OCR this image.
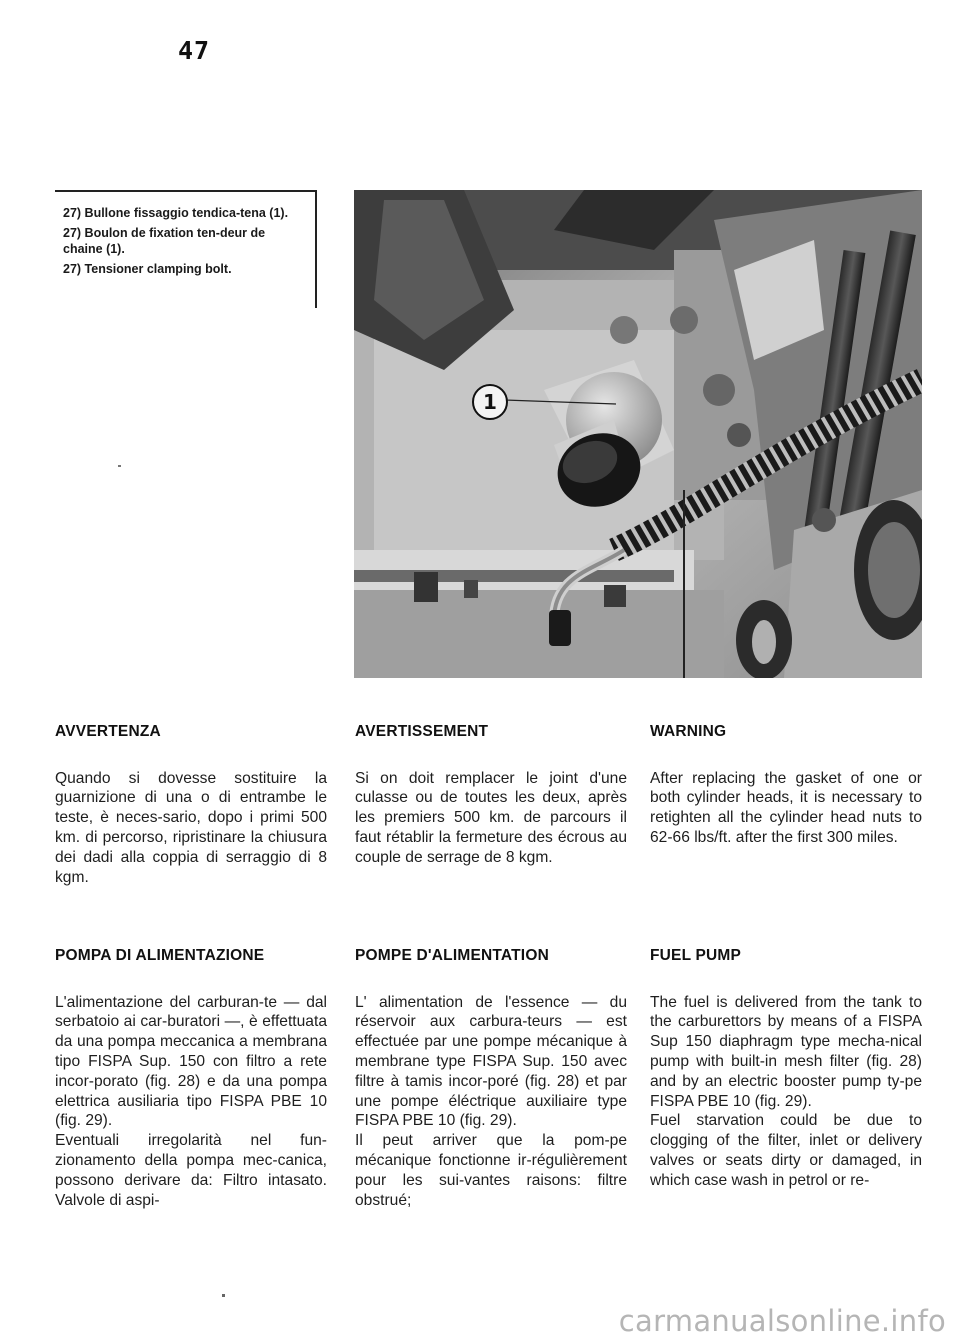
47

27) Bullone fissaggio tendica-tena (1).

27) Boulon de fixation ten-deur de chaine (1).

27) Tensioner clamping bolt.

1
AVVERTENZA

Quando si dovesse sostituire la guarnizione di una o di entrambe le teste, è neces-sario, dopo i primi 500 km. di percorso, ripristinare la chiusura dei dadi alla coppia di serraggio di 8 kgm.

AVERTISSEMENT

Si on doit remplacer le joint d'une culasse ou de toutes les deux, après les premiers 500 km. de parcours il faut rétablir la fermeture des écrous au couple de serrage de 8 kgm.

WARNING

After replacing the gasket of one or both cylinder heads, it is necessary to retighten all the cylinder head nuts to 62-66 lbs/ft. after the first 300 miles.

POMPA DI ALIMENTAZIONE

L'alimentazione del carburan-te — dal serbatoio ai car-buratori —, è effettuata da una pompa meccanica a membrana tipo FISPA Sup. 150 con filtro a rete incor-porato (fig. 28) e da una pompa elettrica ausiliaria tipo FISPA PBE 10 (fig. 29).

Eventuali irregolarità nel fun-zionamento della pompa mec-canica, possono derivare da: Filtro intasato. Valvole di aspi-

POMPE D'ALIMENTATION

L' alimentation de l'essence — du réservoir aux carbura-teurs — est effectuée par une pompe mécanique à membrane type FISPA Sup. 150 avec filtre à tamis incor-poré (fig. 28) et par une pompe éléctrique auxiliaire type FISPA PBE 10 (fig. 29).

Il peut arriver que la pom-pe mécanique fonctionne ir-régulièrement pour les sui-vantes raisons: filtre obstrué;

FUEL PUMP

The fuel is delivered from the tank to the carburettors by means of a FISPA Sup 150 diaphragm type mecha-nical pump with built-in mesh filter (fig. 28) and by an electric booster pump ty-pe FISPA PBE 10 (fig. 29).

Fuel starvation could be due to clogging of the filter, inlet or delivery valves or seats dirty or damaged, in which case wash in petrol or re-

carmanualsonline.info
